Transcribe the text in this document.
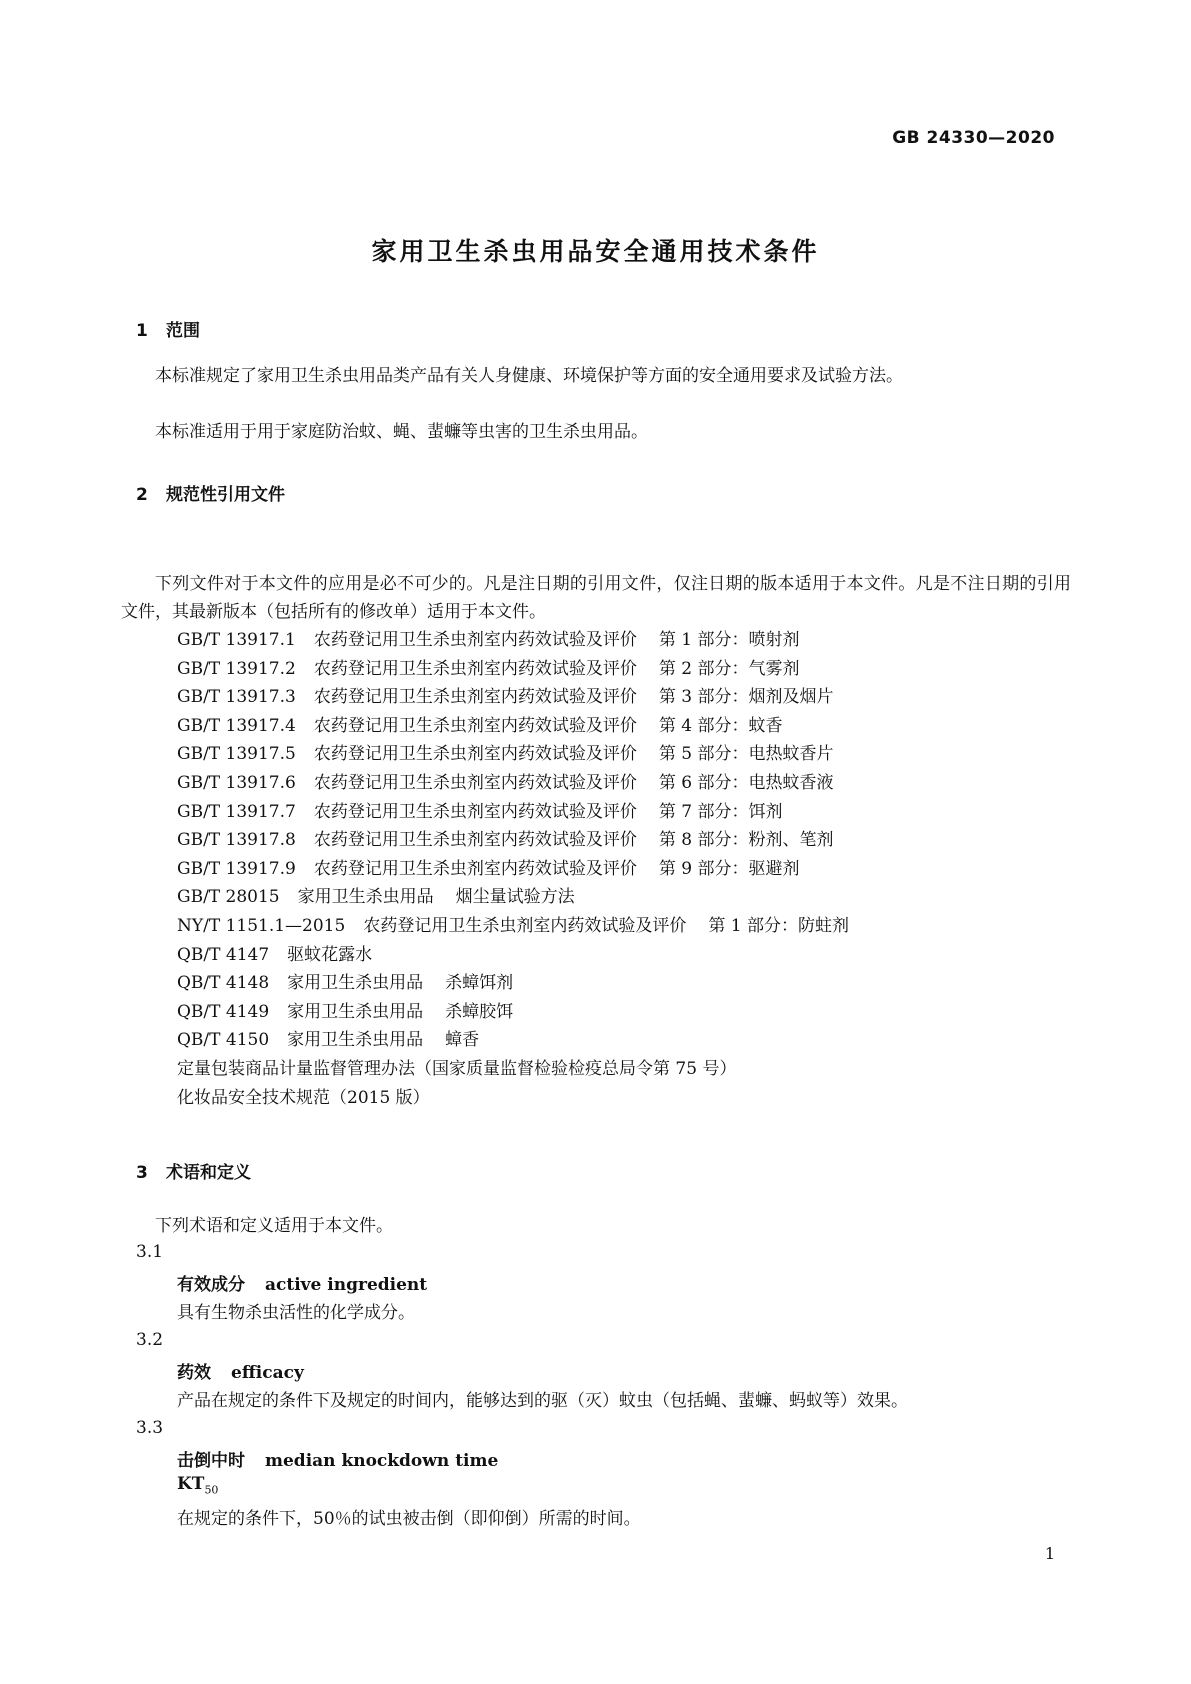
GB 24330—2020
家用卫生杀虫用品安全通用技术条件
1 范围

本标准规定了家用卫生杀虫用品类产品有关人身健康、环境保护等方面的安全通用要求及试验方法。

本标准适用于用于家庭防治蚊、蝇、蜚蠊等虫害的卫生杀虫用品。

2 规范性引用文件

下列文件对于本文件的应用是必不可少的。凡是注日期的引用文件，仅注日期的版本适用于本文件。凡是不注日期的引用文件，其最新版本（包括所有的修改单）适用于本文件。

GB/T 13917.1 农药登记用卫生杀虫剂室内药效试验及评价 第 1 部分：喷射剂
GB/T 13917.2 农药登记用卫生杀虫剂室内药效试验及评价 第 2 部分：气雾剂
GB/T 13917.3 农药登记用卫生杀虫剂室内药效试验及评价 第 3 部分：烟剂及烟片
GB/T 13917.4 农药登记用卫生杀虫剂室内药效试验及评价 第 4 部分：蚊香
GB/T 13917.5 农药登记用卫生杀虫剂室内药效试验及评价 第 5 部分：电热蚊香片
GB/T 13917.6 农药登记用卫生杀虫剂室内药效试验及评价 第 6 部分：电热蚊香液
GB/T 13917.7 农药登记用卫生杀虫剂室内药效试验及评价 第 7 部分：饵剂
GB/T 13917.8 农药登记用卫生杀虫剂室内药效试验及评价 第 8 部分：粉剂、笔剂
GB/T 13917.9 农药登记用卫生杀虫剂室内药效试验及评价 第 9 部分：驱避剂
GB/T 28015 家用卫生杀虫用品 烟尘量试验方法
NY/T 1151.1—2015 农药登记用卫生杀虫剂室内药效试验及评价 第 1 部分：防蛀剂
QB/T 4147 驱蚊花露水
QB/T 4148 家用卫生杀虫用品 杀蟑饵剂
QB/T 4149 家用卫生杀虫用品 杀蟑胶饵
QB/T 4150 家用卫生杀虫用品 蟑香
定量包装商品计量监督管理办法（国家质量监督检验检疫总局令第 75 号）
化妆品安全技术规范（2015 版）
3 术语和定义

下列术语和定义适用于本文件。

3.1

有效成分 active ingredient

具有生物杀虫活性的化学成分。

3.2

药效 efficacy

产品在规定的条件下及规定的时间内，能够达到的驱（灭）蚊虫（包括蝇、蜚蠊、蚂蚁等）效果。

3.3

击倒中时 median knockdown time

$KT_{50}$

在规定的条件下，50％的试虫被击倒（即仰倒）所需的时间。

1
